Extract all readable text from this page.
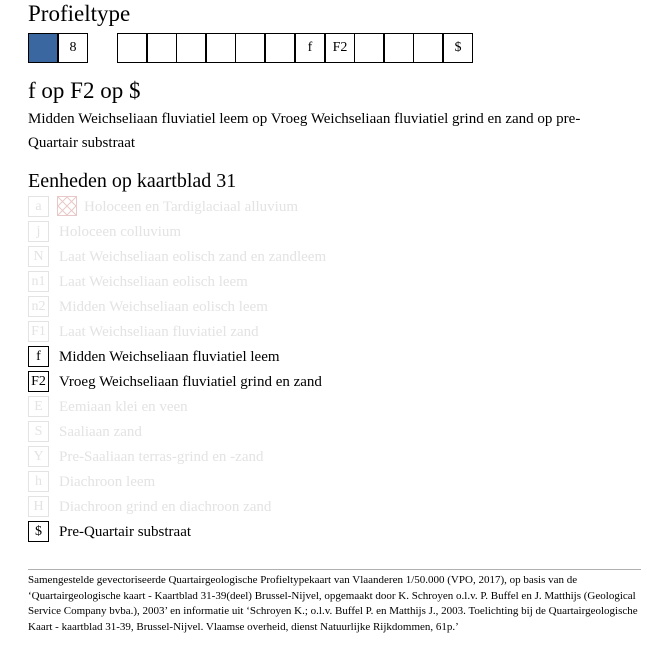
Profieltype
8	f	F2	$
f op F2 op $
Midden Weichseliaan fluviatiel leem op Vroeg Weichseliaan fluviatiel grind en zand op pre-Quartair substraat
Eenheden op kaartblad 31
a	Holoceen en Tardiglaciaal alluvium
j	Holoceen colluvium
N	Laat Weichseliaan eolisch zand en zandleem
n1 Laat Weichseliaan eolisch leem
n2 Midden Weichseliaan eolisch leem
F1 Laat Weichseliaan fluviatiel zand
f	Midden Weichseliaan fluviatiel leem
F2 Vroeg Weichseliaan fluviatiel grind en zand
E	Eemiaan klei en veen
S	Saaliaan zand
Y	Pre-Saaliaan terras-grind en -zand
h	Diachroon leem
H	Diachroon grind en diachroon zand
$	Pre-Quartair substraat
Samengestelde gevectoriseerde Quartairgeologische Profieltypekaart van Vlaanderen 1/50.000 (VPO, 2017), op basis van de ‘Quartairgeologische kaart - Kaartblad 31-39(deel) Brussel-Nijvel, opgemaakt door K. Schroyen o.l.v. P. Buffel en J. Matthijs (Geological Service Company bvba.), 2003’ en informatie uit ‘Schroyen K.; o.l.v. Buffel P. en Matthijs J., 2003. Toelichting bij de Quartairgeologische Kaart - kaartblad 31-39, Brussel-Nijvel. Vlaamse overheid, dienst Natuurlijke Rijkdommen, 61p.’
